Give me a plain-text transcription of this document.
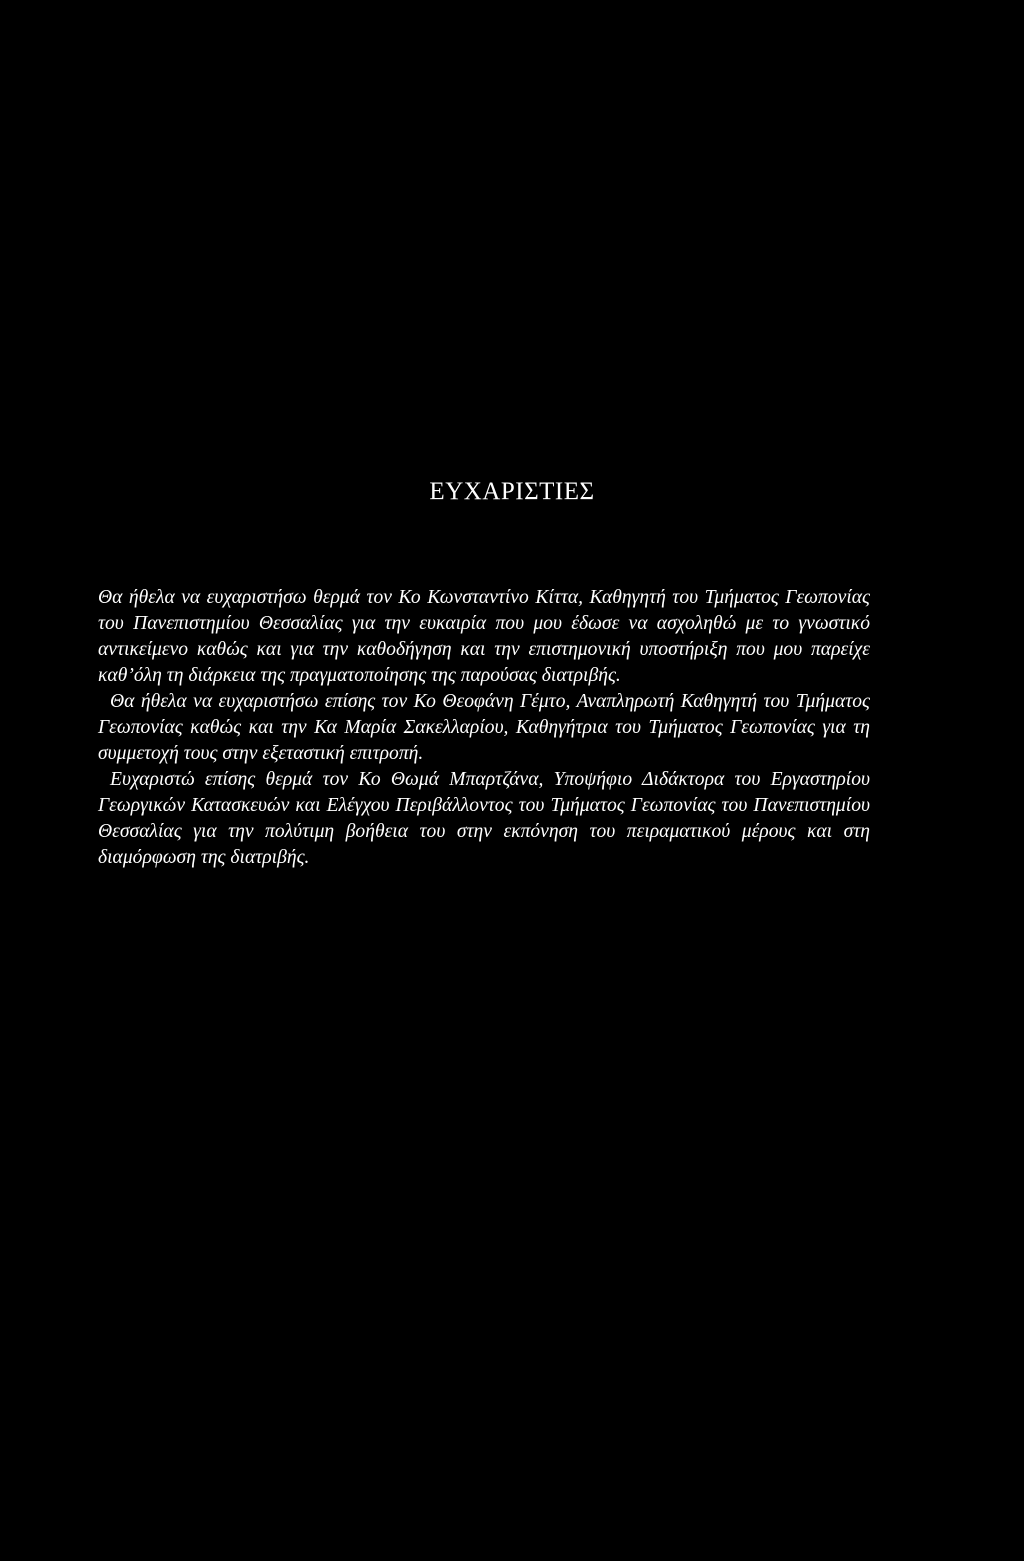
ΕΥΧΑΡΙΣΤΙΕΣ

Θα ήθελα να ευχαριστήσω θερμά τον Κο Κωνσταντίνο Κίττα, Καθηγητή του Τμήματος Γεωπονίας του Πανεπιστημίου Θεσσαλίας για την ευκαιρία που μου έδωσε να ασχοληθώ με το γνωστικό αντικείμενο καθώς και για την καθοδήγηση και την επιστημονική υποστήριξη που μου παρείχε καθ’όλη τη διάρκεια της πραγματοποίησης της παρούσας διατριβής.

Θα ήθελα να ευχαριστήσω επίσης τον Κο Θεοφάνη Γέμτο, Αναπληρωτή Καθηγητή του Τμήματος Γεωπονίας καθώς και την Κα Μαρία Σακελλαρίου, Καθηγήτρια του Τμήματος Γεωπονίας για τη συμμετοχή τους στην εξεταστική επιτροπή.

Ευχαριστώ επίσης θερμά τον Κο Θωμά Μπαρτζάνα, Υποψήφιο Διδάκτορα του Εργαστηρίου Γεωργικών Κατασκευών και Ελέγχου Περιβάλλοντος του Τμήματος Γεωπονίας του Πανεπιστημίου Θεσσαλίας για την πολύτιμη βοήθεια του στην εκπόνηση του πειραματικού μέρους και στη διαμόρφωση της διατριβής.
